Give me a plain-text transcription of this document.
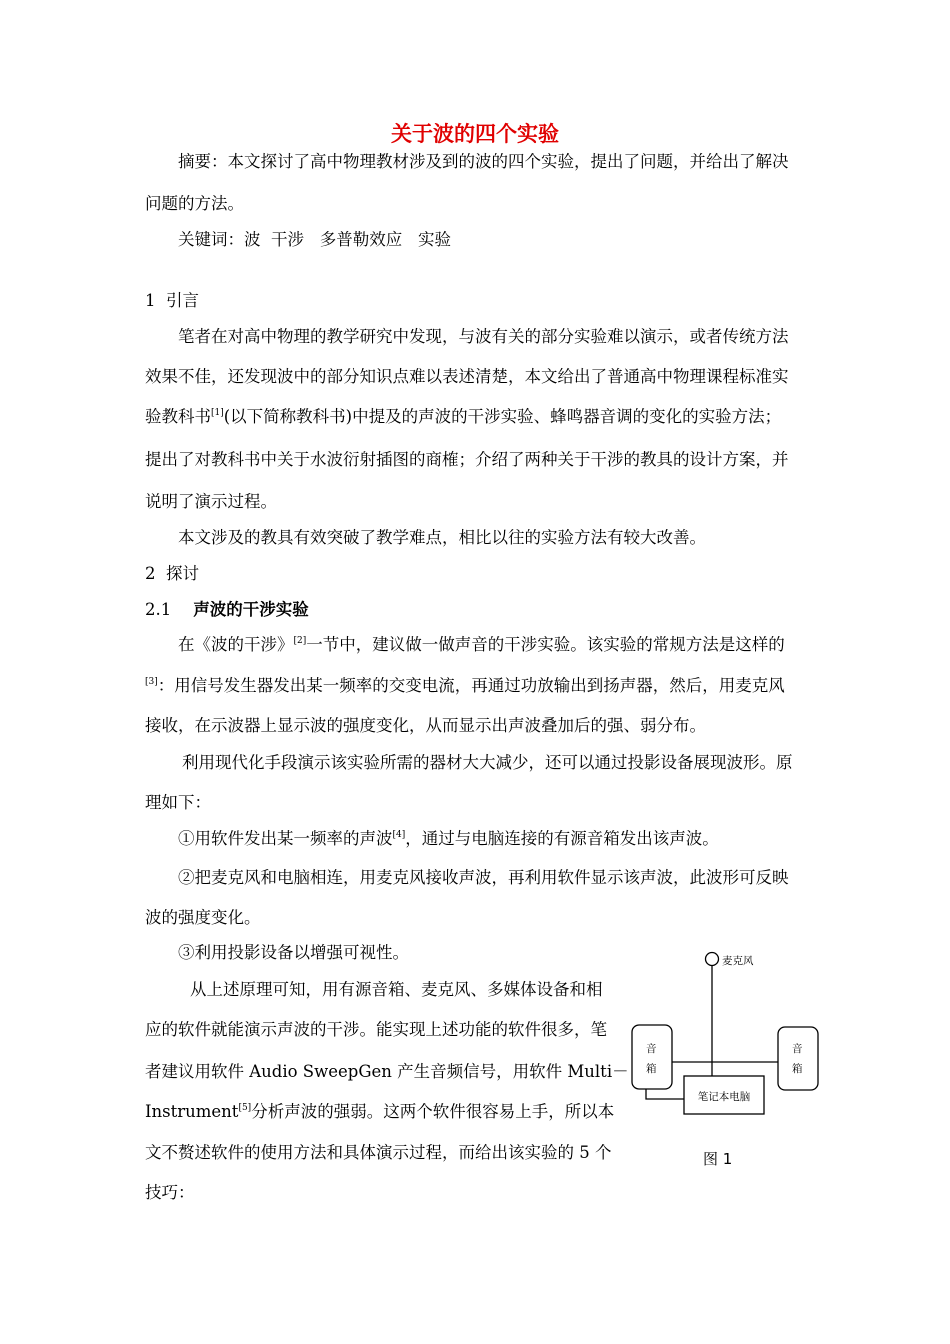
关于波的四个实验
摘要：本文探讨了高中物理教材涉及到的波的四个实验，提出了问题，并给出了解决
问题的方法。
关键词：波  干涉   多普勒效应   实验
1  引言
笔者在对高中物理的教学研究中发现，与波有关的部分实验难以演示，或者传统方法
效果不佳，还发现波中的部分知识点难以表述清楚，本文给出了普通高中物理课程标准实
验教科书[1](以下简称教科书)中提及的声波的干涉实验、蜂鸣器音调的变化的实验方法；
提出了对教科书中关于水波衍射插图的商榷；介绍了两种关于干涉的教具的设计方案，并
说明了演示过程。
本文涉及的教具有效突破了教学难点，相比以往的实验方法有较大改善。
2  探讨
2.1 声波的干涉实验
在《波的干涉》[2]一节中，建议做一做声音的干涉实验。该实验的常规方法是这样的
[3]：用信号发生器发出某一频率的交变电流，再通过功放输出到扬声器，然后，用麦克风
接收，在示波器上显示波的强度变化，从而显示出声波叠加后的强、弱分布。
利用现代化手段演示该实验所需的器材大大减少，还可以通过投影设备展现波形。原
理如下：
①用软件发出某一频率的声波[4]，通过与电脑连接的有源音箱发出该声波。
②把麦克风和电脑相连，用麦克风接收声波，再利用软件显示该声波，此波形可反映
波的强度变化。
③利用投影设备以增强可视性。
从上述原理可知，用有源音箱、麦克风、多媒体设备和相
应的软件就能演示声波的干涉。能实现上述功能的软件很多，笔
者建议用软件 Audio SweepGen 产生音频信号，用软件 Multi－
Instrument[5]分析声波的强弱。这两个软件很容易上手，所以本
文不赘述软件的使用方法和具体演示过程，而给出该实验的 5 个
技巧：
麦克风
音
箱
音
箱
笔记本电脑
图 1
